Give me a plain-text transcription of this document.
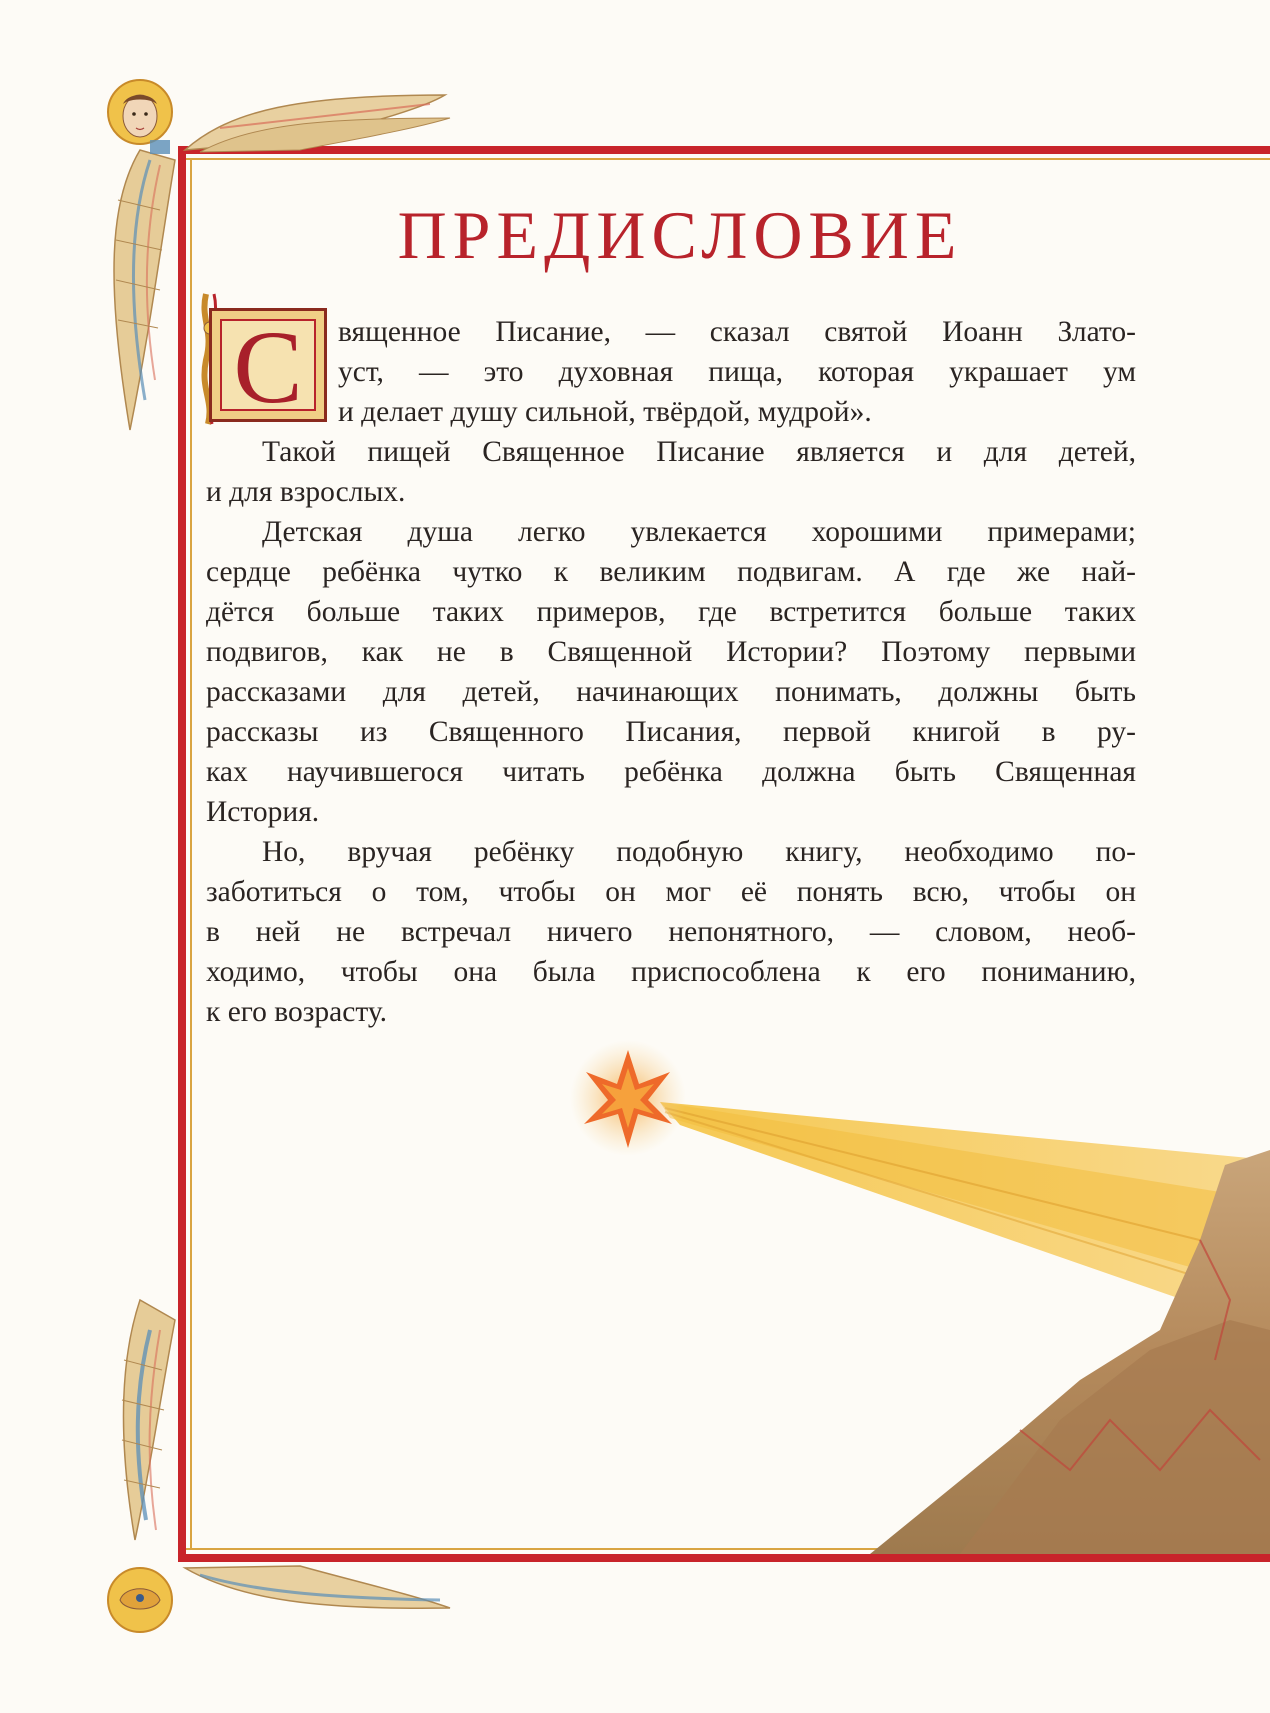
ПРЕДИСЛОВИЕ
С вященное Писание, — сказал святой Иоанн Злато-
уст, — это духовная пища, которая украшает ум
и делает душу сильной, твёрдой, мудрой».
Такой пищей Священное Писание является и для детей,
и для взрослых.
Детская душа легко увлекается хорошими примерами;
сердце ребёнка чутко к великим подвигам. А где же най-
дётся больше таких примеров, где встретится больше таких
подвигов, как не в Священной Истории? Поэтому первыми
рассказами для детей, начинающих понимать, должны быть
рассказы из Священного Писания, первой книгой в ру-
ках научившегося читать ребёнка должна быть Священная
История.
Но, вручая ребёнку подобную книгу, необходимо по-
заботиться о том, чтобы он мог её понять всю, чтобы он
в ней не встречал ничего непонятного, — словом, необ-
ходимо, чтобы она была приспособлена к его пониманию,
к его возрасту.
